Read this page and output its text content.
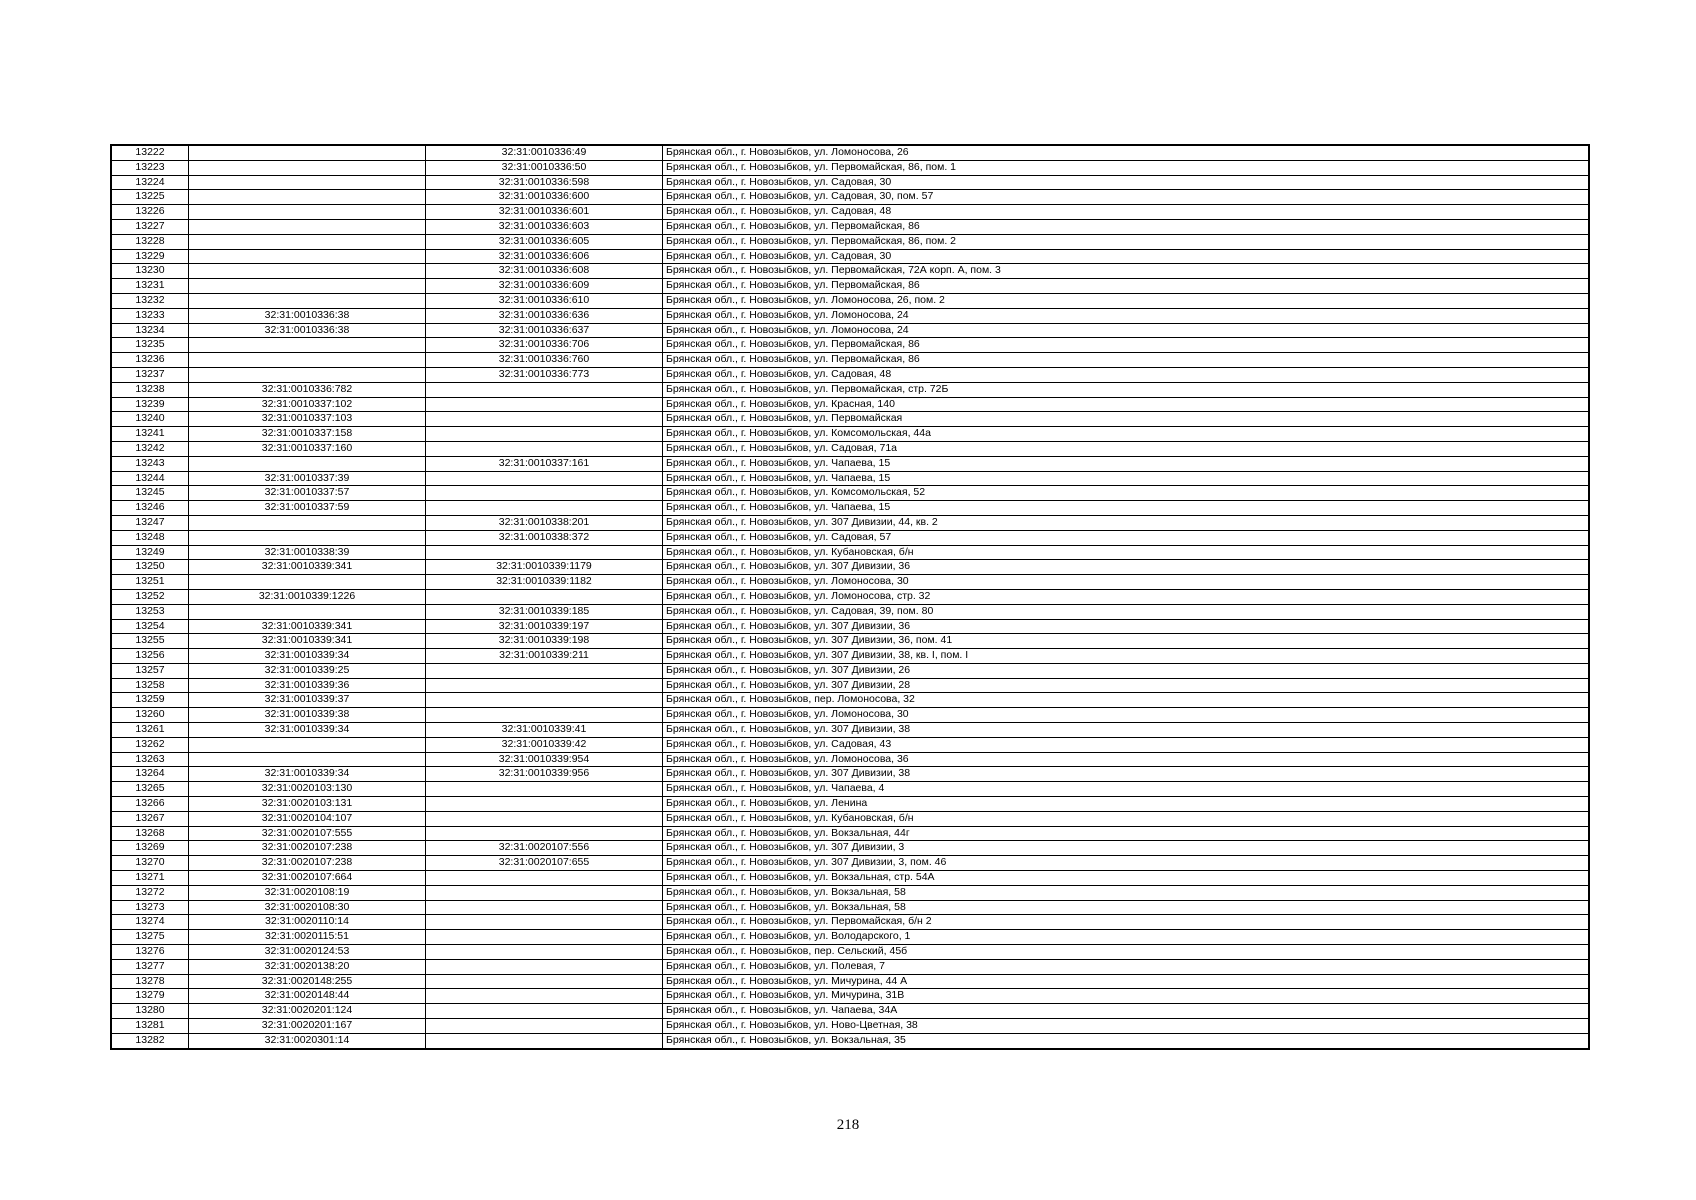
13222		32:31:0010336:49	Брянская обл., г. Новозыбков, ул. Ломоносова, 26
13223		32:31:0010336:50	Брянская обл., г. Новозыбков, ул. Первомайская, 86, пом. 1
13224		32:31:0010336:598	Брянская обл., г. Новозыбков, ул. Садовая, 30
13225		32:31:0010336:600	Брянская обл., г. Новозыбков, ул. Садовая, 30, пом. 57
13226		32:31:0010336:601	Брянская обл., г. Новозыбков, ул. Садовая, 48
13227		32:31:0010336:603	Брянская обл., г. Новозыбков, ул. Первомайская, 86
13228		32:31:0010336:605	Брянская обл., г. Новозыбков, ул. Первомайская, 86, пом. 2
13229		32:31:0010336:606	Брянская обл., г. Новозыбков, ул. Садовая, 30
13230		32:31:0010336:608	Брянская обл., г. Новозыбков, ул. Первомайская, 72А корп. А, пом. 3
13231		32:31:0010336:609	Брянская обл., г. Новозыбков, ул. Первомайская, 86
13232		32:31:0010336:610	Брянская обл., г. Новозыбков, ул. Ломоносова, 26, пом. 2
13233	32:31:0010336:38	32:31:0010336:636	Брянская обл., г. Новозыбков, ул. Ломоносова, 24
13234	32:31:0010336:38	32:31:0010336:637	Брянская обл., г. Новозыбков, ул. Ломоносова, 24
13235		32:31:0010336:706	Брянская обл., г. Новозыбков, ул. Первомайская, 86
13236		32:31:0010336:760	Брянская обл., г. Новозыбков, ул. Первомайская, 86
13237		32:31:0010336:773	Брянская обл., г. Новозыбков, ул. Садовая, 48
13238	32:31:0010336:782		Брянская обл., г. Новозыбков, ул. Первомайская, стр. 72Б
13239	32:31:0010337:102		Брянская обл., г. Новозыбков, ул. Красная, 140
13240	32:31:0010337:103		Брянская обл., г. Новозыбков, ул. Первомайская
13241	32:31:0010337:158		Брянская обл., г. Новозыбков, ул. Комсомольская, 44а
13242	32:31:0010337:160		Брянская обл., г. Новозыбков, ул. Садовая, 71а
13243		32:31:0010337:161	Брянская обл., г. Новозыбков, ул. Чапаева, 15
13244	32:31:0010337:39		Брянская обл., г. Новозыбков, ул. Чапаева, 15
13245	32:31:0010337:57		Брянская обл., г. Новозыбков, ул. Комсомольская, 52
13246	32:31:0010337:59		Брянская обл., г. Новозыбков, ул. Чапаева, 15
13247		32:31:0010338:201	Брянская обл., г. Новозыбков, ул. 307 Дивизии, 44, кв. 2
13248		32:31:0010338:372	Брянская обл., г. Новозыбков, ул. Садовая, 57
13249	32:31:0010338:39		Брянская обл., г. Новозыбков, ул. Кубановская, б/н
13250	32:31:0010339:341	32:31:0010339:1179	Брянская обл., г. Новозыбков, ул. 307 Дивизии, 36
13251		32:31:0010339:1182	Брянская обл., г. Новозыбков, ул. Ломоносова, 30
13252	32:31:0010339:1226		Брянская обл., г. Новозыбков, ул. Ломоносова, стр. 32
13253		32:31:0010339:185	Брянская обл., г. Новозыбков, ул. Садовая, 39, пом. 80
13254	32:31:0010339:341	32:31:0010339:197	Брянская обл., г. Новозыбков, ул. 307 Дивизии, 36
13255	32:31:0010339:341	32:31:0010339:198	Брянская обл., г. Новозыбков, ул. 307 Дивизии, 36, пом. 41
13256	32:31:0010339:34	32:31:0010339:211	Брянская обл., г. Новозыбков, ул. 307 Дивизии, 38, кв. I, пом. I
13257	32:31:0010339:25		Брянская обл., г. Новозыбков, ул. 307 Дивизии, 26
13258	32:31:0010339:36		Брянская обл., г. Новозыбков, ул. 307 Дивизии, 28
13259	32:31:0010339:37		Брянская обл., г. Новозыбков, пер. Ломоносова, 32
13260	32:31:0010339:38		Брянская обл., г. Новозыбков, ул. Ломоносова, 30
13261	32:31:0010339:34	32:31:0010339:41	Брянская обл., г. Новозыбков, ул. 307 Дивизии, 38
13262		32:31:0010339:42	Брянская обл., г. Новозыбков, ул. Садовая, 43
13263		32:31:0010339:954	Брянская обл., г. Новозыбков, ул. Ломоносова, 36
13264	32:31:0010339:34	32:31:0010339:956	Брянская обл., г. Новозыбков, ул. 307 Дивизии, 38
13265	32:31:0020103:130		Брянская обл., г. Новозыбков, ул. Чапаева, 4
13266	32:31:0020103:131		Брянская обл., г. Новозыбков, ул. Ленина
13267	32:31:0020104:107		Брянская обл., г. Новозыбков, ул. Кубановская, б/н
13268	32:31:0020107:555		Брянская обл., г. Новозыбков, ул. Вокзальная, 44г
13269	32:31:0020107:238	32:31:0020107:556	Брянская обл., г. Новозыбков, ул. 307 Дивизии, 3
13270	32:31:0020107:238	32:31:0020107:655	Брянская обл., г. Новозыбков, ул. 307 Дивизии, 3, пом. 46
13271	32:31:0020107:664		Брянская обл., г. Новозыбков, ул. Вокзальная, стр. 54А
13272	32:31:0020108:19		Брянская обл., г. Новозыбков, ул. Вокзальная, 58
13273	32:31:0020108:30		Брянская обл., г. Новозыбков, ул. Вокзальная, 58
13274	32:31:0020110:14		Брянская обл., г. Новозыбков, ул. Первомайская, б/н 2
13275	32:31:0020115:51		Брянская обл., г. Новозыбков, ул. Володарского, 1
13276	32:31:0020124:53		Брянская обл., г. Новозыбков, пер. Сельский, 45б
13277	32:31:0020138:20		Брянская обл., г. Новозыбков, ул. Полевая, 7
13278	32:31:0020148:255		Брянская обл., г. Новозыбков, ул. Мичурина, 44 А
13279	32:31:0020148:44		Брянская обл., г. Новозыбков, ул. Мичурина, 31В
13280	32:31:0020201:124		Брянская обл., г. Новозыбков, ул. Чапаева, 34А
13281	32:31:0020201:167		Брянская обл., г. Новозыбков, ул. Ново-Цветная, 38
13282	32:31:0020301:14		Брянская обл., г. Новозыбков, ул. Вокзальная, 35
218
